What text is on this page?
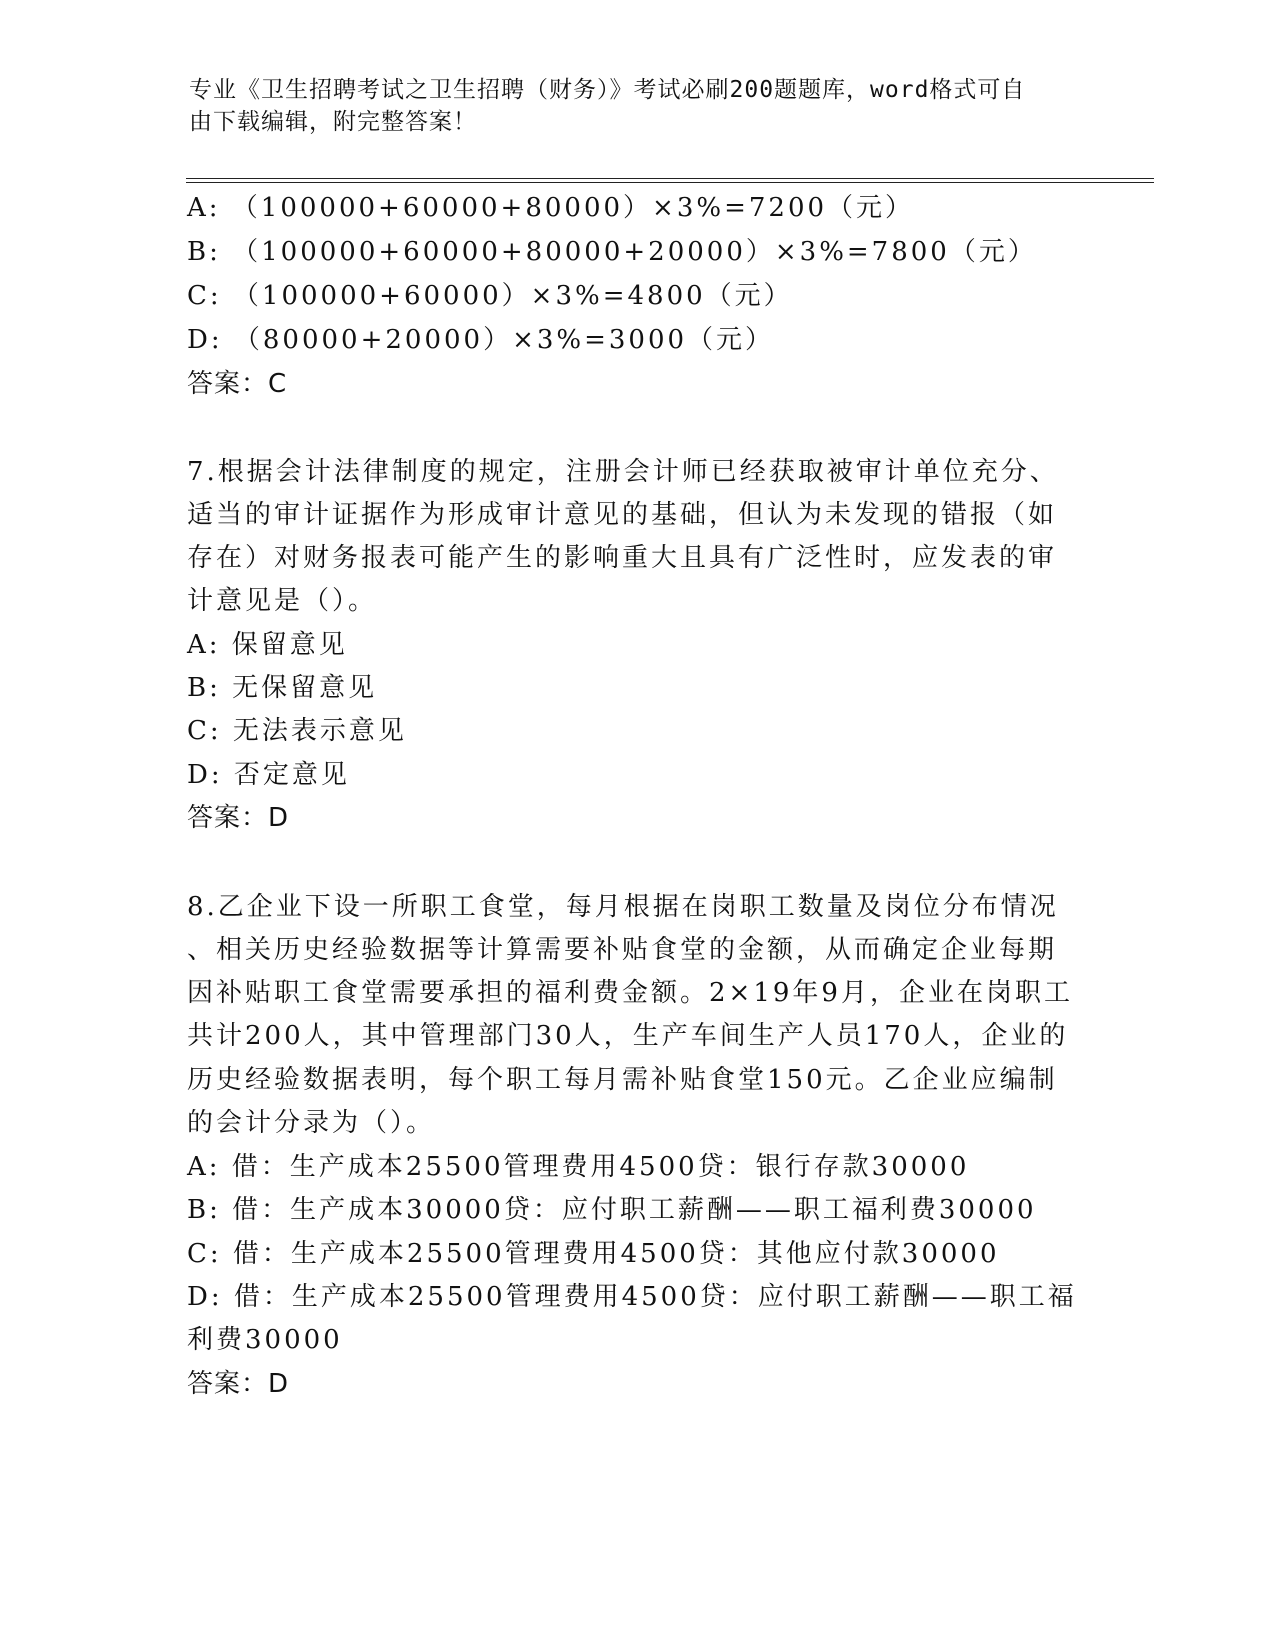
专业《卫生招聘考试之卫生招聘（财务）》考试必刷200题题库，word格式可自
由下载编辑，附完整答案！
A: （100000+60000+80000）×3%=7200（元）
B: （100000+60000+80000+20000）×3%=7800（元）
C: （100000+60000）×3%=4800（元）
D: （80000+20000）×3%=3000（元）
答案：C
7.根据会计法律制度的规定，注册会计师已经获取被审计单位充分、
适当的审计证据作为形成审计意见的基础，但认为未发现的错报（如
存在）对财务报表可能产生的影响重大且具有广泛性时，应发表的审
计意见是（）。
A: 保留意见
B: 无保留意见
C: 无法表示意见
D: 否定意见
答案：D
8.乙企业下设一所职工食堂，每月根据在岗职工数量及岗位分布情况
、相关历史经验数据等计算需要补贴食堂的金额，从而确定企业每期
因补贴职工食堂需要承担的福利费金额。2×19年9月，企业在岗职工
共计200人，其中管理部门30人，生产车间生产人员170人，企业的
历史经验数据表明，每个职工每月需补贴食堂150元。乙企业应编制
的会计分录为（）。
A: 借：生产成本25500管理费用4500贷：银行存款30000
B: 借：生产成本30000贷：应付职工薪酬——职工福利费30000
C: 借：生产成本25500管理费用4500贷：其他应付款30000
D: 借：生产成本25500管理费用4500贷：应付职工薪酬——职工福
利费30000
答案：D
